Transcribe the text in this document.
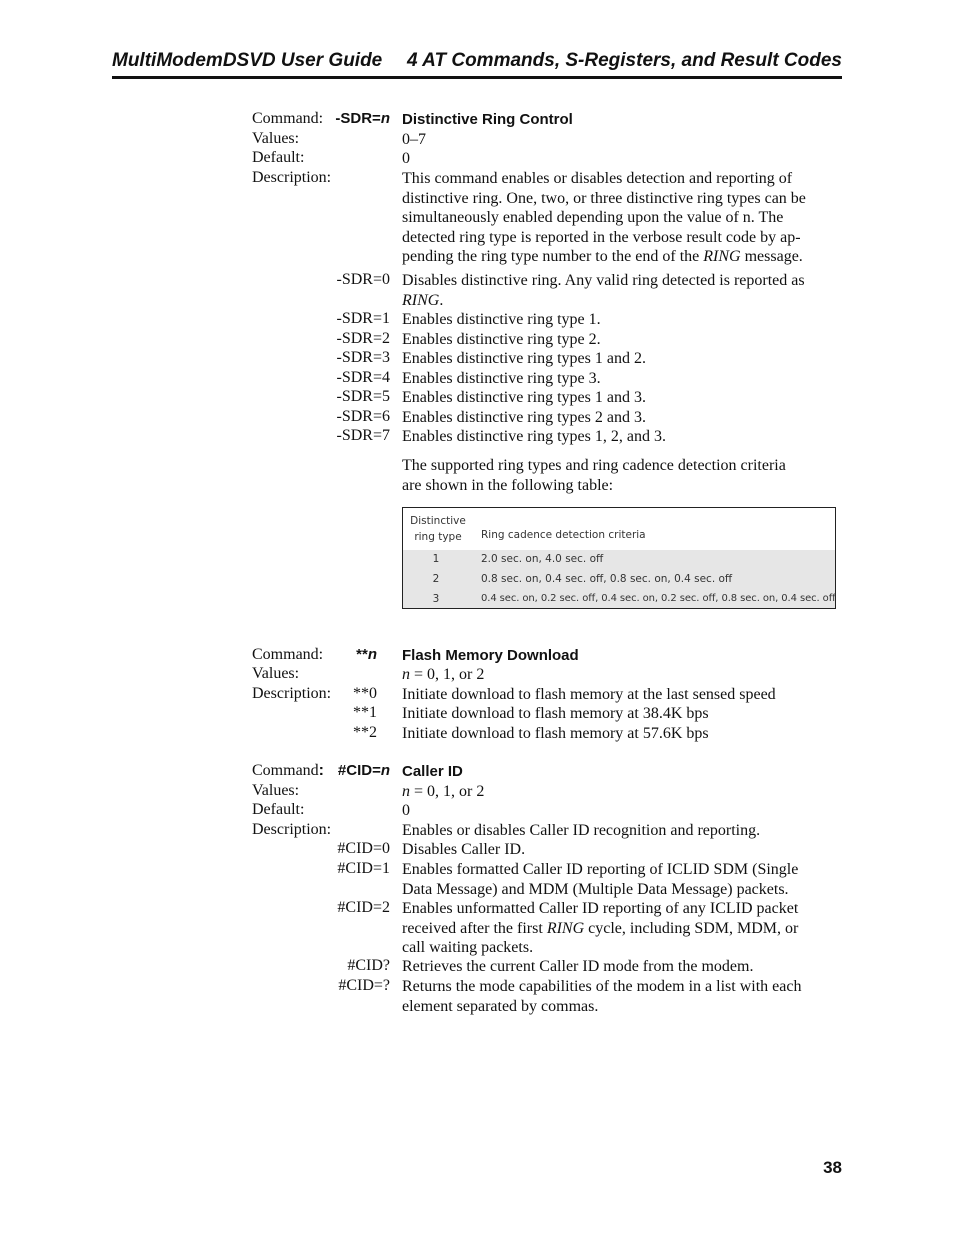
MultiModemDSVD User Guide 4 AT Commands, S-Registers, and Result Codes
Command: -SDR=n Distinctive Ring Control
Values:	0–7
Default:	0
Description:	This command enables or disables detection and reporting of
distinctive ring. One, two, or three distinctive ring types can be
simultaneously enabled depending upon the value of n. The
detected ring type is reported in the verbose result code by ap-
pending the ring type number to the end of the RING message.
-SDR=0 Disables distinctive ring. Any valid ring detected is reported as
RING.
-SDR=1 Enables distinctive ring type 1.
-SDR=2 Enables distinctive ring type 2.
-SDR=3 Enables distinctive ring types 1 and 2.
-SDR=4 Enables distinctive ring type 3.
-SDR=5 Enables distinctive ring types 1 and 3.
-SDR=6 Enables distinctive ring types 2 and 3.
-SDR=7 Enables distinctive ring types 1, 2, and 3.
The supported ring types and ring cadence detection criteria
are shown in the following table:
Distinctive
ring type	Ring cadence detection criteria
1	2.0 sec. on, 4.0 sec. off
2	0.8 sec. on, 0.4 sec. off, 0.8 sec. on, 0.4 sec. off
3	0.4 sec. on, 0.2 sec. off, 0.4 sec. on, 0.2 sec. off, 0.8 sec. on, 0.4 sec. off
Command: **n Flash Memory Download
Values:	n = 0, 1, or 2
Description: **0 Initiate download to flash memory at the last sensed speed
**1 Initiate download to flash memory at 38.4K bps
**2 Initiate download to flash memory at 57.6K bps
Command: #CID=n Caller ID
Values:	n = 0, 1, or 2
Default:	0
Description:	Enables or disables Caller ID recognition and reporting.
#CID=0 Disables Caller ID.
#CID=1 Enables formatted Caller ID reporting of ICLID SDM (Single
Data Message) and MDM (Multiple Data Message) packets.
#CID=2 Enables unformatted Caller ID reporting of any ICLID packet
received after the first RING cycle, including SDM, MDM, or
call waiting packets.
#CID? Retrieves the current Caller ID mode from the modem.
#CID=? Returns the mode capabilities of the modem in a list with each
element separated by commas.
38
